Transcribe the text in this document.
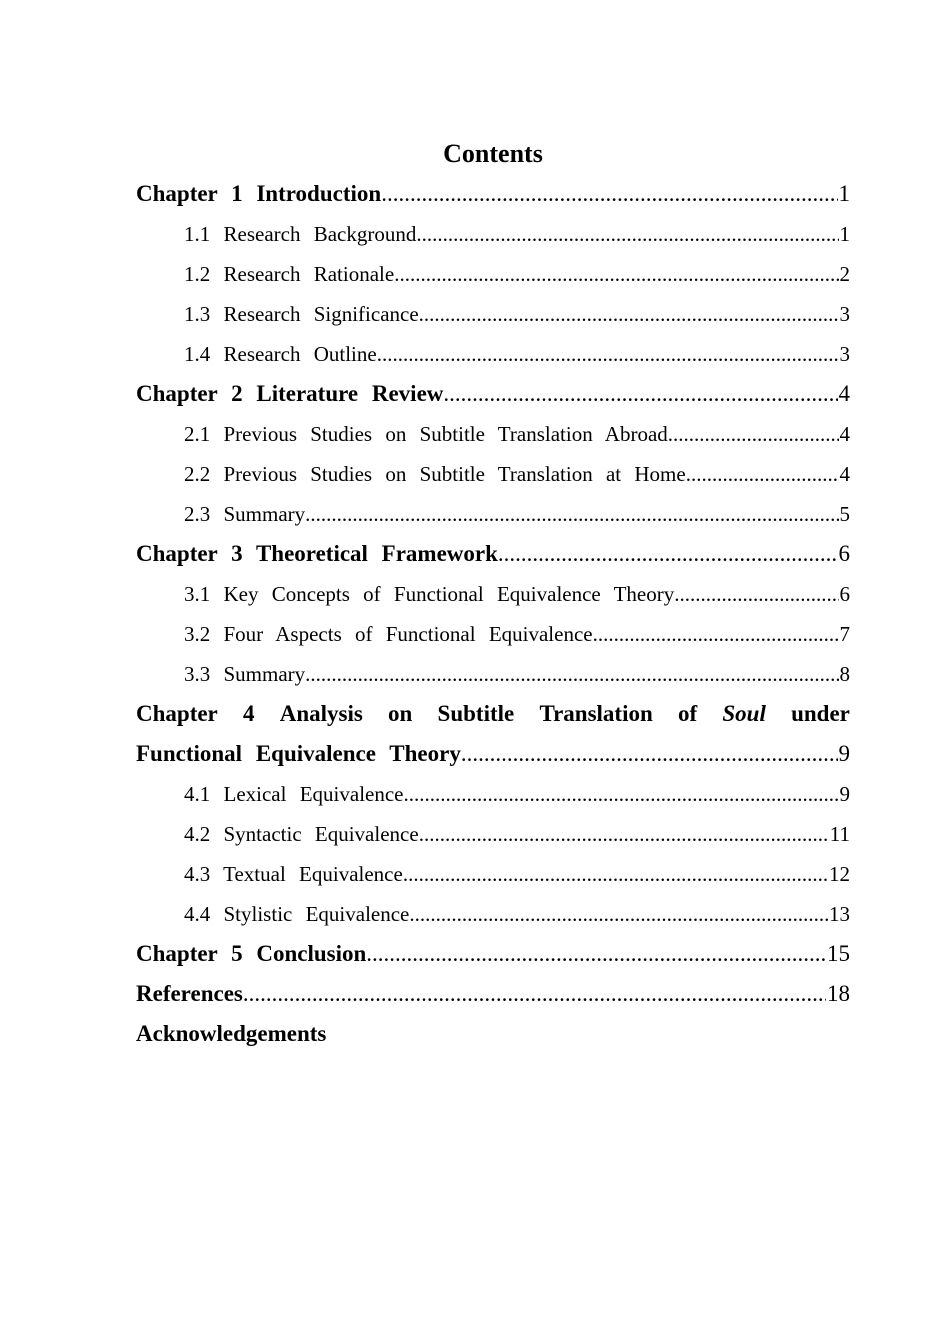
Contents
Chapter 1 Introduction .....	1
1.1 Research Background .....	1
1.2 Research Rationale .....	2
1.3 Research Significance .....	3
1.4 Research Outline .....	3
Chapter 2 Literature Review .....	4
2.1 Previous Studies on Subtitle Translation Abroad .....	4
2.2 Previous Studies on Subtitle Translation at Home .....	4
2.3 Summary .....	5
Chapter 3 Theoretical Framework .....	6
3.1 Key Concepts of Functional Equivalence Theory .....	6
3.2 Four Aspects of Functional Equivalence .....	7
3.3 Summary .....	8
Chapter 4 Analysis on Subtitle Translation of Soul under
Functional Equivalence Theory .....	9
4.1 Lexical Equivalence .....	9
4.2 Syntactic Equivalence .....	11
4.3 Textual Equivalence .....	12
4.4 Stylistic Equivalence .....	13
Chapter 5 Conclusion .....	15
References .....	18
Acknowledgements
